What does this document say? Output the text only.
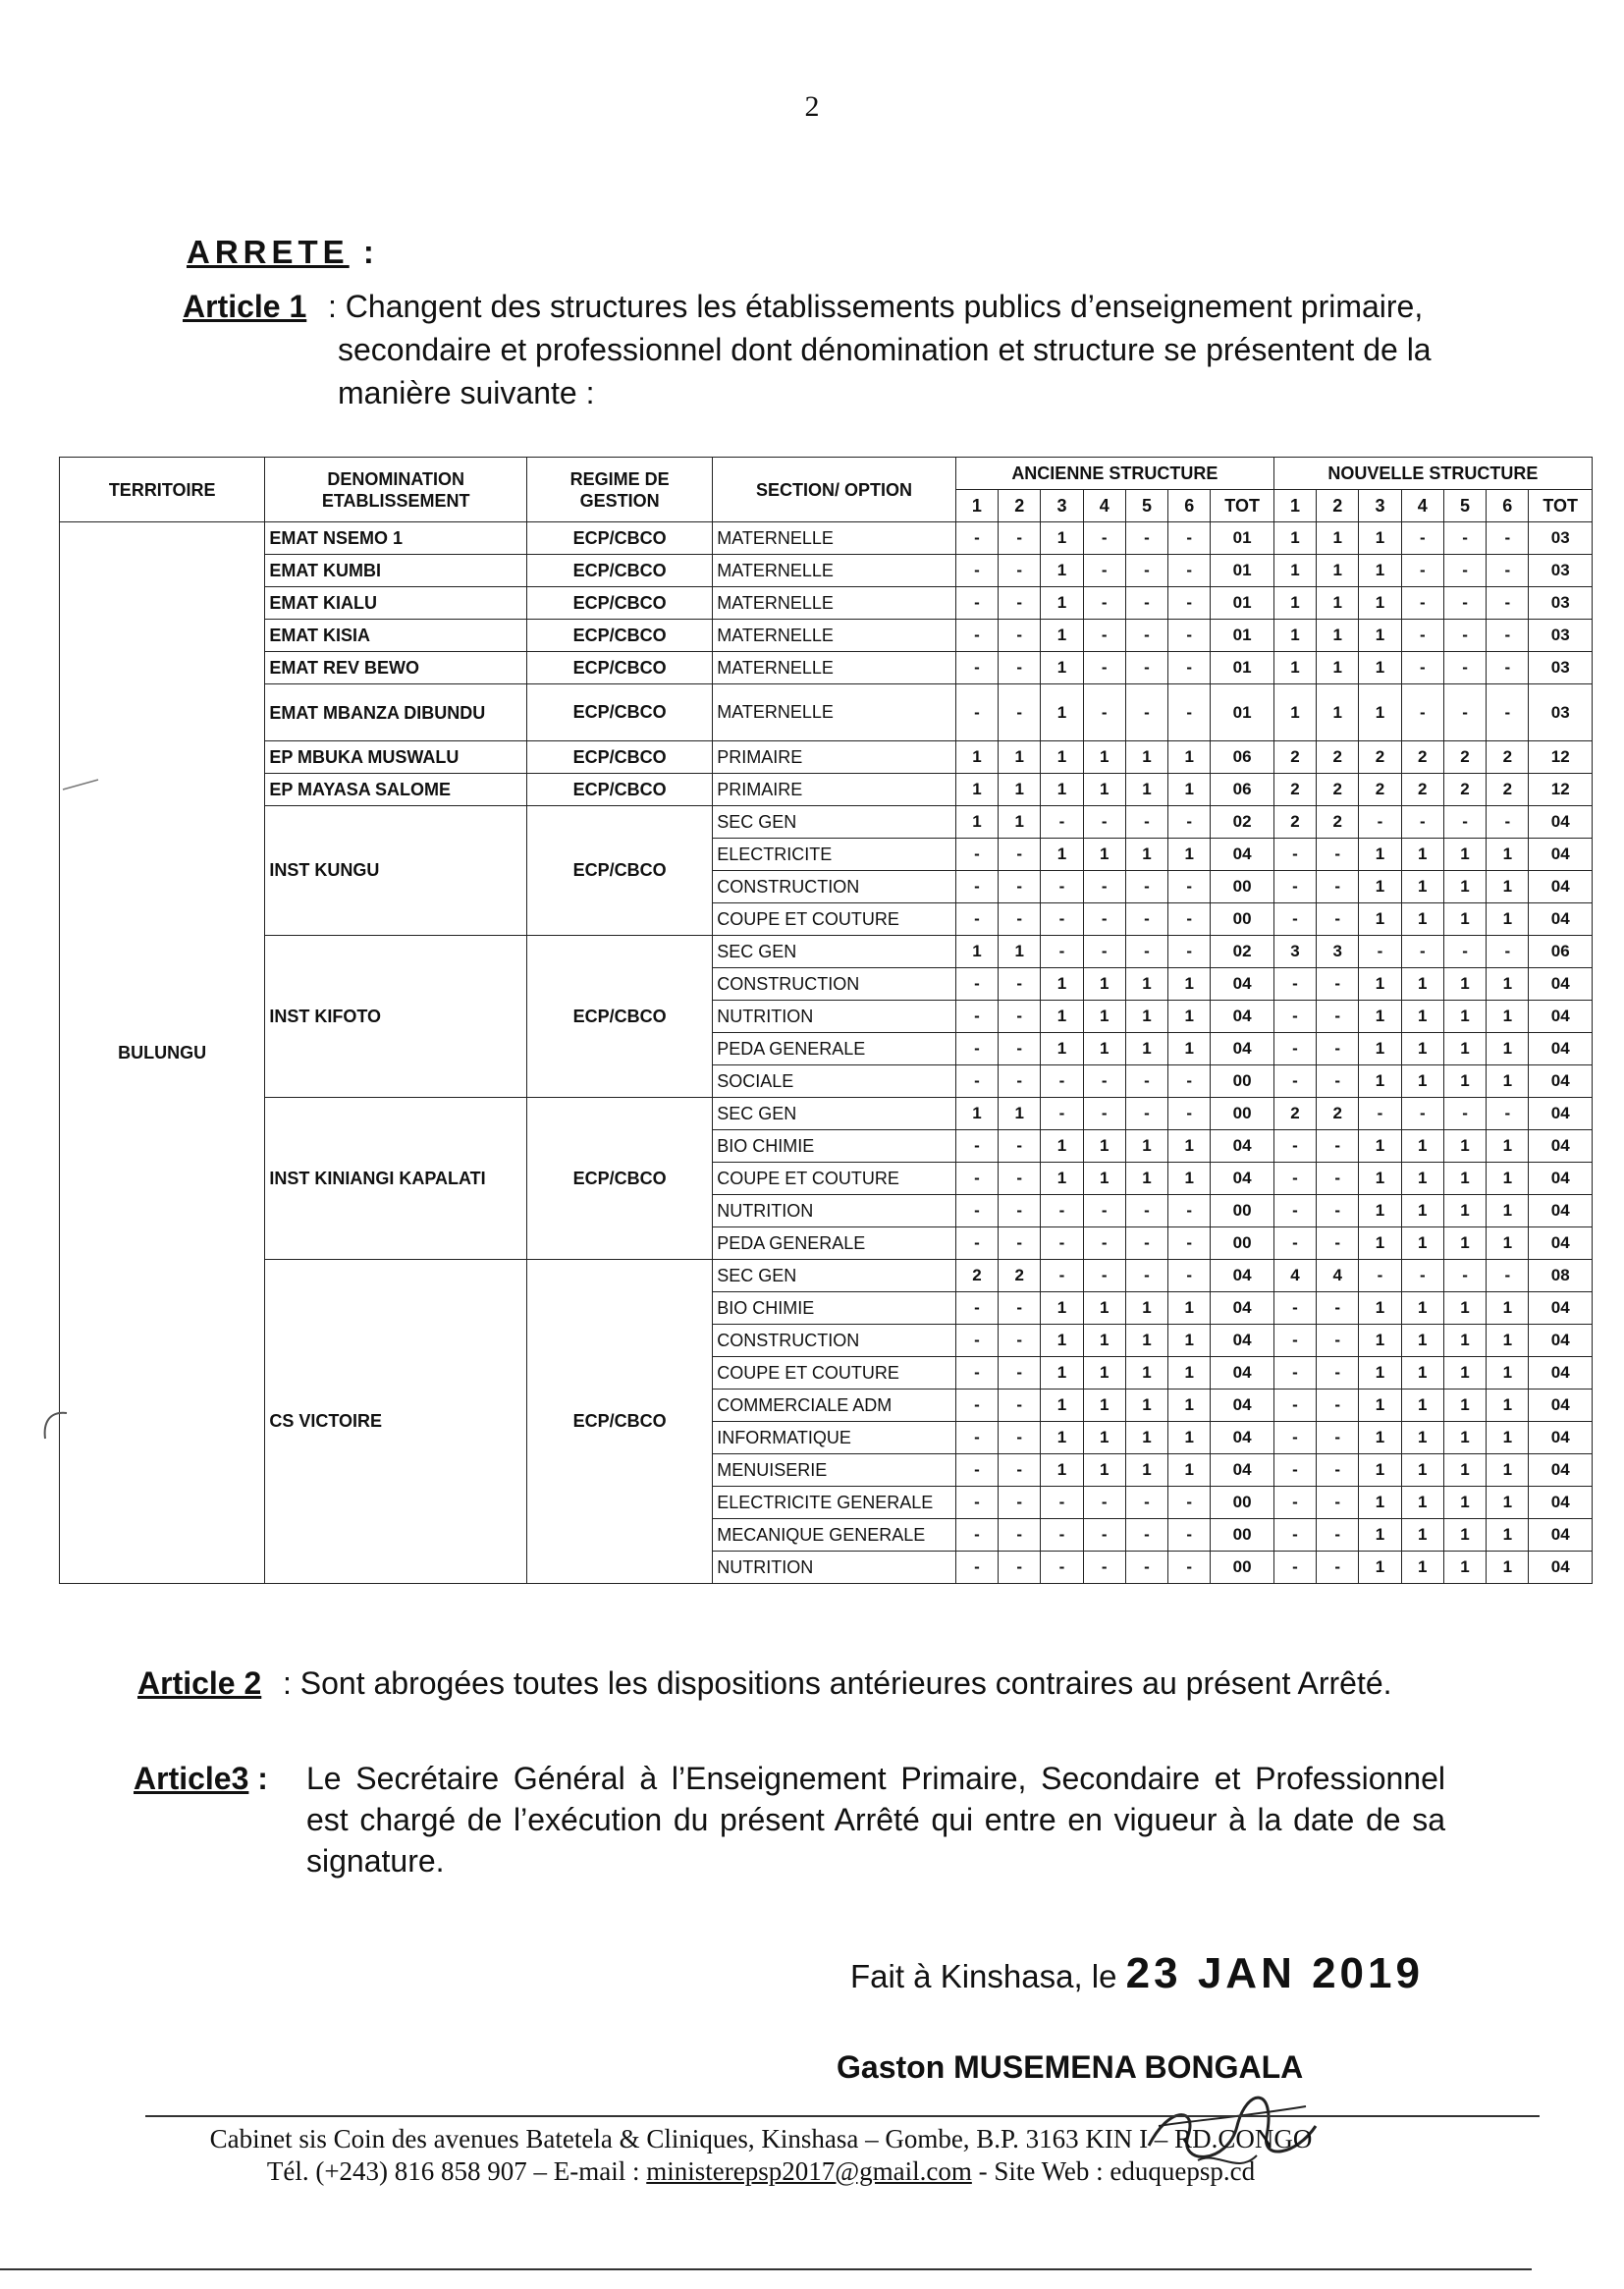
2
ARRETE :
Article 1 : Changent des structures les établissements publics d’enseignement primaire,
secondaire et professionnel dont dénomination et structure se présentent de la manière suivante :
TERRITOIRE	DENOMINATION ETABLISSEMENT	REGIME DE GESTION	SECTION/ OPTION	ANCIENNE STRUCTURE							NOUVELLE STRUCTURE						
				1	2	3	4	5	6	TOT	1	2	3	4	5	6	TOT
BULUNGU	EMAT NSEMO 1	ECP/CBCO	MATERNELLE	-	-	1	-	-	-	01	1	1	1	-	-	-	03
	EMAT KUMBI	ECP/CBCO	MATERNELLE	-	-	1	-	-	-	01	1	1	1	-	-	-	03
	EMAT KIALU	ECP/CBCO	MATERNELLE	-	-	1	-	-	-	01	1	1	1	-	-	-	03
	EMAT KISIA	ECP/CBCO	MATERNELLE	-	-	1	-	-	-	01	1	1	1	-	-	-	03
	EMAT REV BEWO	ECP/CBCO	MATERNELLE	-	-	1	-	-	-	01	1	1	1	-	-	-	03
	EMAT MBANZA DIBUNDU	ECP/CBCO	MATERNELLE	-	-	1	-	-	-	01	1	1	1	-	-	-	03
	EP MBUKA MUSWALU	ECP/CBCO	PRIMAIRE	1	1	1	1	1	1	06	2	2	2	2	2	2	12
	EP MAYASA SALOME	ECP/CBCO	PRIMAIRE	1	1	1	1	1	1	06	2	2	2	2	2	2	12
	INST KUNGU	ECP/CBCO	SEC GEN	1	1	-	-	-	-	02	2	2	-	-	-	-	04
			ELECTRICITE	-	-	1	1	1	1	04	-	-	1	1	1	1	04
			CONSTRUCTION	-	-	-	-	-	-	00	-	-	1	1	1	1	04
			COUPE ET COUTURE	-	-	-	-	-	-	00	-	-	1	1	1	1	04
	INST KIFOTO	ECP/CBCO	SEC GEN	1	1	-	-	-	-	02	3	3	-	-	-	-	06
			CONSTRUCTION	-	-	1	1	1	1	04	-	-	1	1	1	1	04
			NUTRITION	-	-	1	1	1	1	04	-	-	1	1	1	1	04
			PEDA GENERALE	-	-	1	1	1	1	04	-	-	1	1	1	1	04
			SOCIALE	-	-	-	-	-	-	00	-	-	1	1	1	1	04
	INST KINIANGI KAPALATI	ECP/CBCO	SEC GEN	1	1	-	-	-	-	00	2	2	-	-	-	-	04
			BIO CHIMIE	-	-	1	1	1	1	04	-	-	1	1	1	1	04
			COUPE ET COUTURE	-	-	1	1	1	1	04	-	-	1	1	1	1	04
			NUTRITION	-	-	-	-	-	-	00	-	-	1	1	1	1	04
			PEDA GENERALE	-	-	-	-	-	-	00	-	-	1	1	1	1	04
	CS VICTOIRE	ECP/CBCO	SEC GEN	2	2	-	-	-	-	04	4	4	-	-	-	-	08
			BIO CHIMIE	-	-	1	1	1	1	04	-	-	1	1	1	1	04
			CONSTRUCTION	-	-	1	1	1	1	04	-	-	1	1	1	1	04
			COUPE ET COUTURE	-	-	1	1	1	1	04	-	-	1	1	1	1	04
			COMMERCIALE ADM	-	-	1	1	1	1	04	-	-	1	1	1	1	04
			INFORMATIQUE	-	-	1	1	1	1	04	-	-	1	1	1	1	04
			MENUISERIE	-	-	1	1	1	1	04	-	-	1	1	1	1	04
			ELECTRICITE GENERALE	-	-	-	-	-	-	00	-	-	1	1	1	1	04
			MECANIQUE GENERALE	-	-	-	-	-	-	00	-	-	1	1	1	1	04
			NUTRITION	-	-	-	-	-	-	00	-	-	1	1	1	1	04
Article 2 : Sont abrogées toutes les dispositions antérieures contraires au présent Arrêté.
Article3 : Le Secrétaire Général à l’Enseignement Primaire, Secondaire et Professionnel est chargé de l’exécution du présent Arrêté qui entre en vigueur à la date de sa signature.
Fait à Kinshasa, le 23 JAN 2019
Gaston MUSEMENA BONGALA
Cabinet sis Coin des avenues Batetela & Cliniques, Kinshasa – Gombe, B.P. 3163 KIN I – RD.CONGO
Tél. (+243) 816 858 907 – E-mail : ministerepsp2017@gmail.com - Site Web : eduquepsp.cd
